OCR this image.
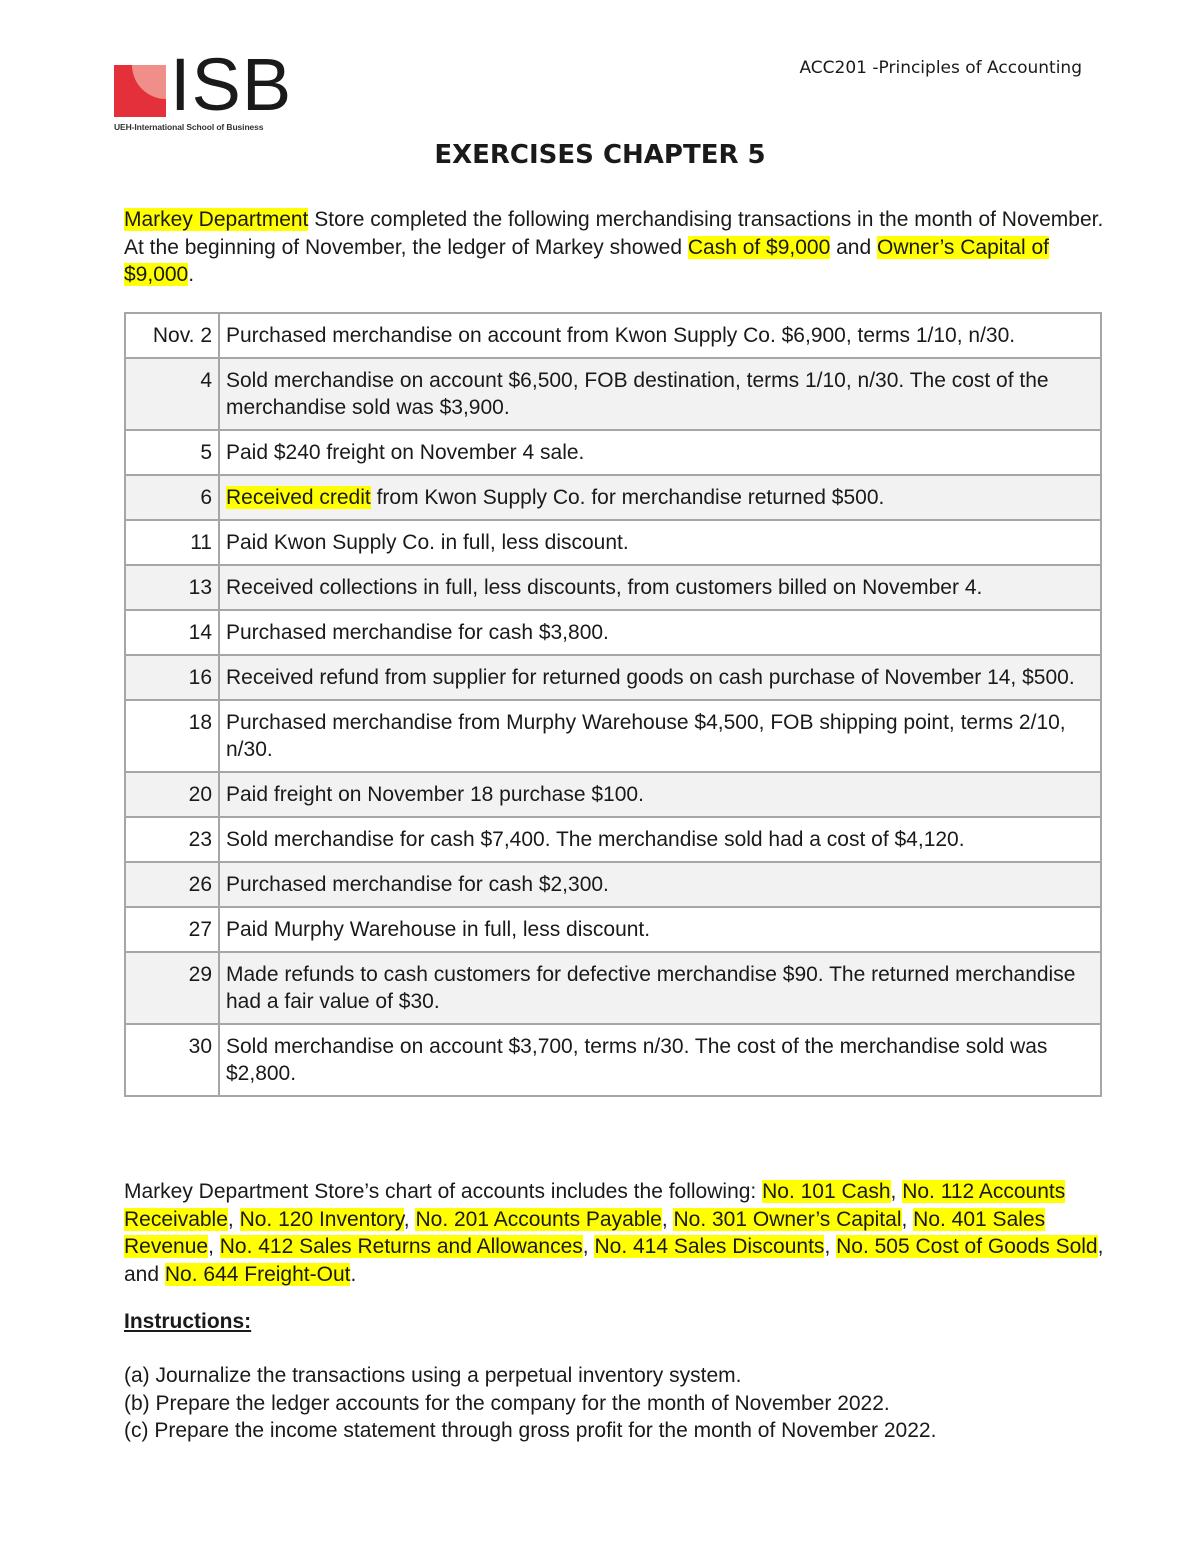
ISB
UEH-International School of Business
ACC201 -Principles of Accounting
EXERCISES CHAPTER 5
Markey Department Store completed the following merchandising transactions in the month of November. At the beginning of November, the ledger of Markey showed Cash of $9,000 and Owner’s Capital of $9,000.
Nov. 2	Purchased merchandise on account from Kwon Supply Co. $6,900, terms 1/10, n/30.
4	Sold merchandise on account $6,500, FOB destination, terms 1/10, n/30. The cost of the merchandise sold was $3,900.
5	Paid $240 freight on November 4 sale.
6	Received credit from Kwon Supply Co. for merchandise returned $500.
11	Paid Kwon Supply Co. in full, less discount.
13	Received collections in full, less discounts, from customers billed on November 4.
14	Purchased merchandise for cash $3,800.
16	Received refund from supplier for returned goods on cash purchase of November 14, $500.
18	Purchased merchandise from Murphy Warehouse $4,500, FOB shipping point, terms 2/10, n/30.
20	Paid freight on November 18 purchase $100.
23	Sold merchandise for cash $7,400. The merchandise sold had a cost of $4,120.
26	Purchased merchandise for cash $2,300.
27	Paid Murphy Warehouse in full, less discount.
29	Made refunds to cash customers for defective merchandise $90. The returned merchandise had a fair value of $30.
30	Sold merchandise on account $3,700, terms n/30. The cost of the merchandise sold was $2,800.
Markey Department Store’s chart of accounts includes the following: No. 101 Cash, No. 112 Accounts Receivable, No. 120 Inventory, No. 201 Accounts Payable, No. 301 Owner’s Capital, No. 401 Sales Revenue, No. 412 Sales Returns and Allowances, No. 414 Sales Discounts, No. 505 Cost of Goods Sold, and No. 644 Freight-Out.
Instructions:
(a) Journalize the transactions using a perpetual inventory system.
(b) Prepare the ledger accounts for the company for the month of November 2022.
(c) Prepare the income statement through gross profit for the month of November 2022.
